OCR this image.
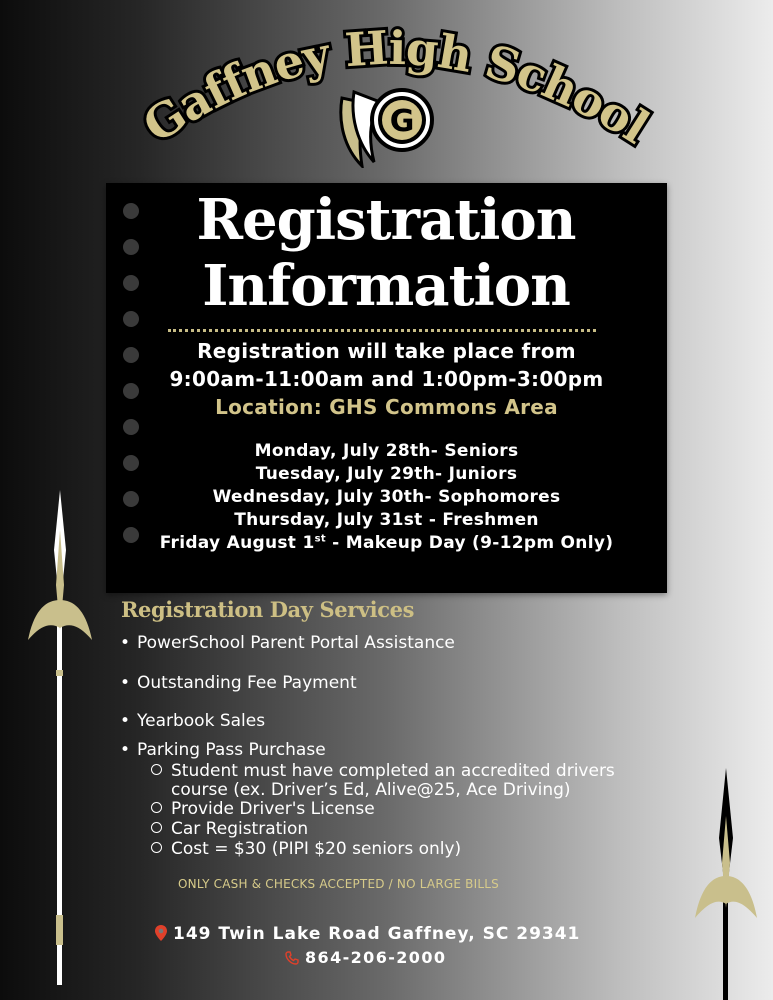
Gaffney High School
G
Registration
Information
Registration will take place from
9:00am-11:00am and 1:00pm-3:00pm
Location: GHS Commons Area
Monday, July 28th- Seniors
Tuesday, July 29th- Juniors
Wednesday, July 30th- Sophomores
Thursday, July 31st - Freshmen
Friday August 1st - Makeup Day (9-12pm Only)
Registration Day Services
• PowerSchool Parent Portal Assistance
• Outstanding Fee Payment
• Yearbook Sales
• Parking Pass Purchase
Student must have completed an accredited drivers
course (ex. Driver’s Ed, Alive@25, Ace Driving)
Provide Driver's License
Car Registration
Cost = $30 (PIPI $20 seniors only)
ONLY CASH & CHECKS ACCEPTED / NO LARGE BILLS
149 Twin Lake Road Gaffney, SC 29341
864-206-2000
